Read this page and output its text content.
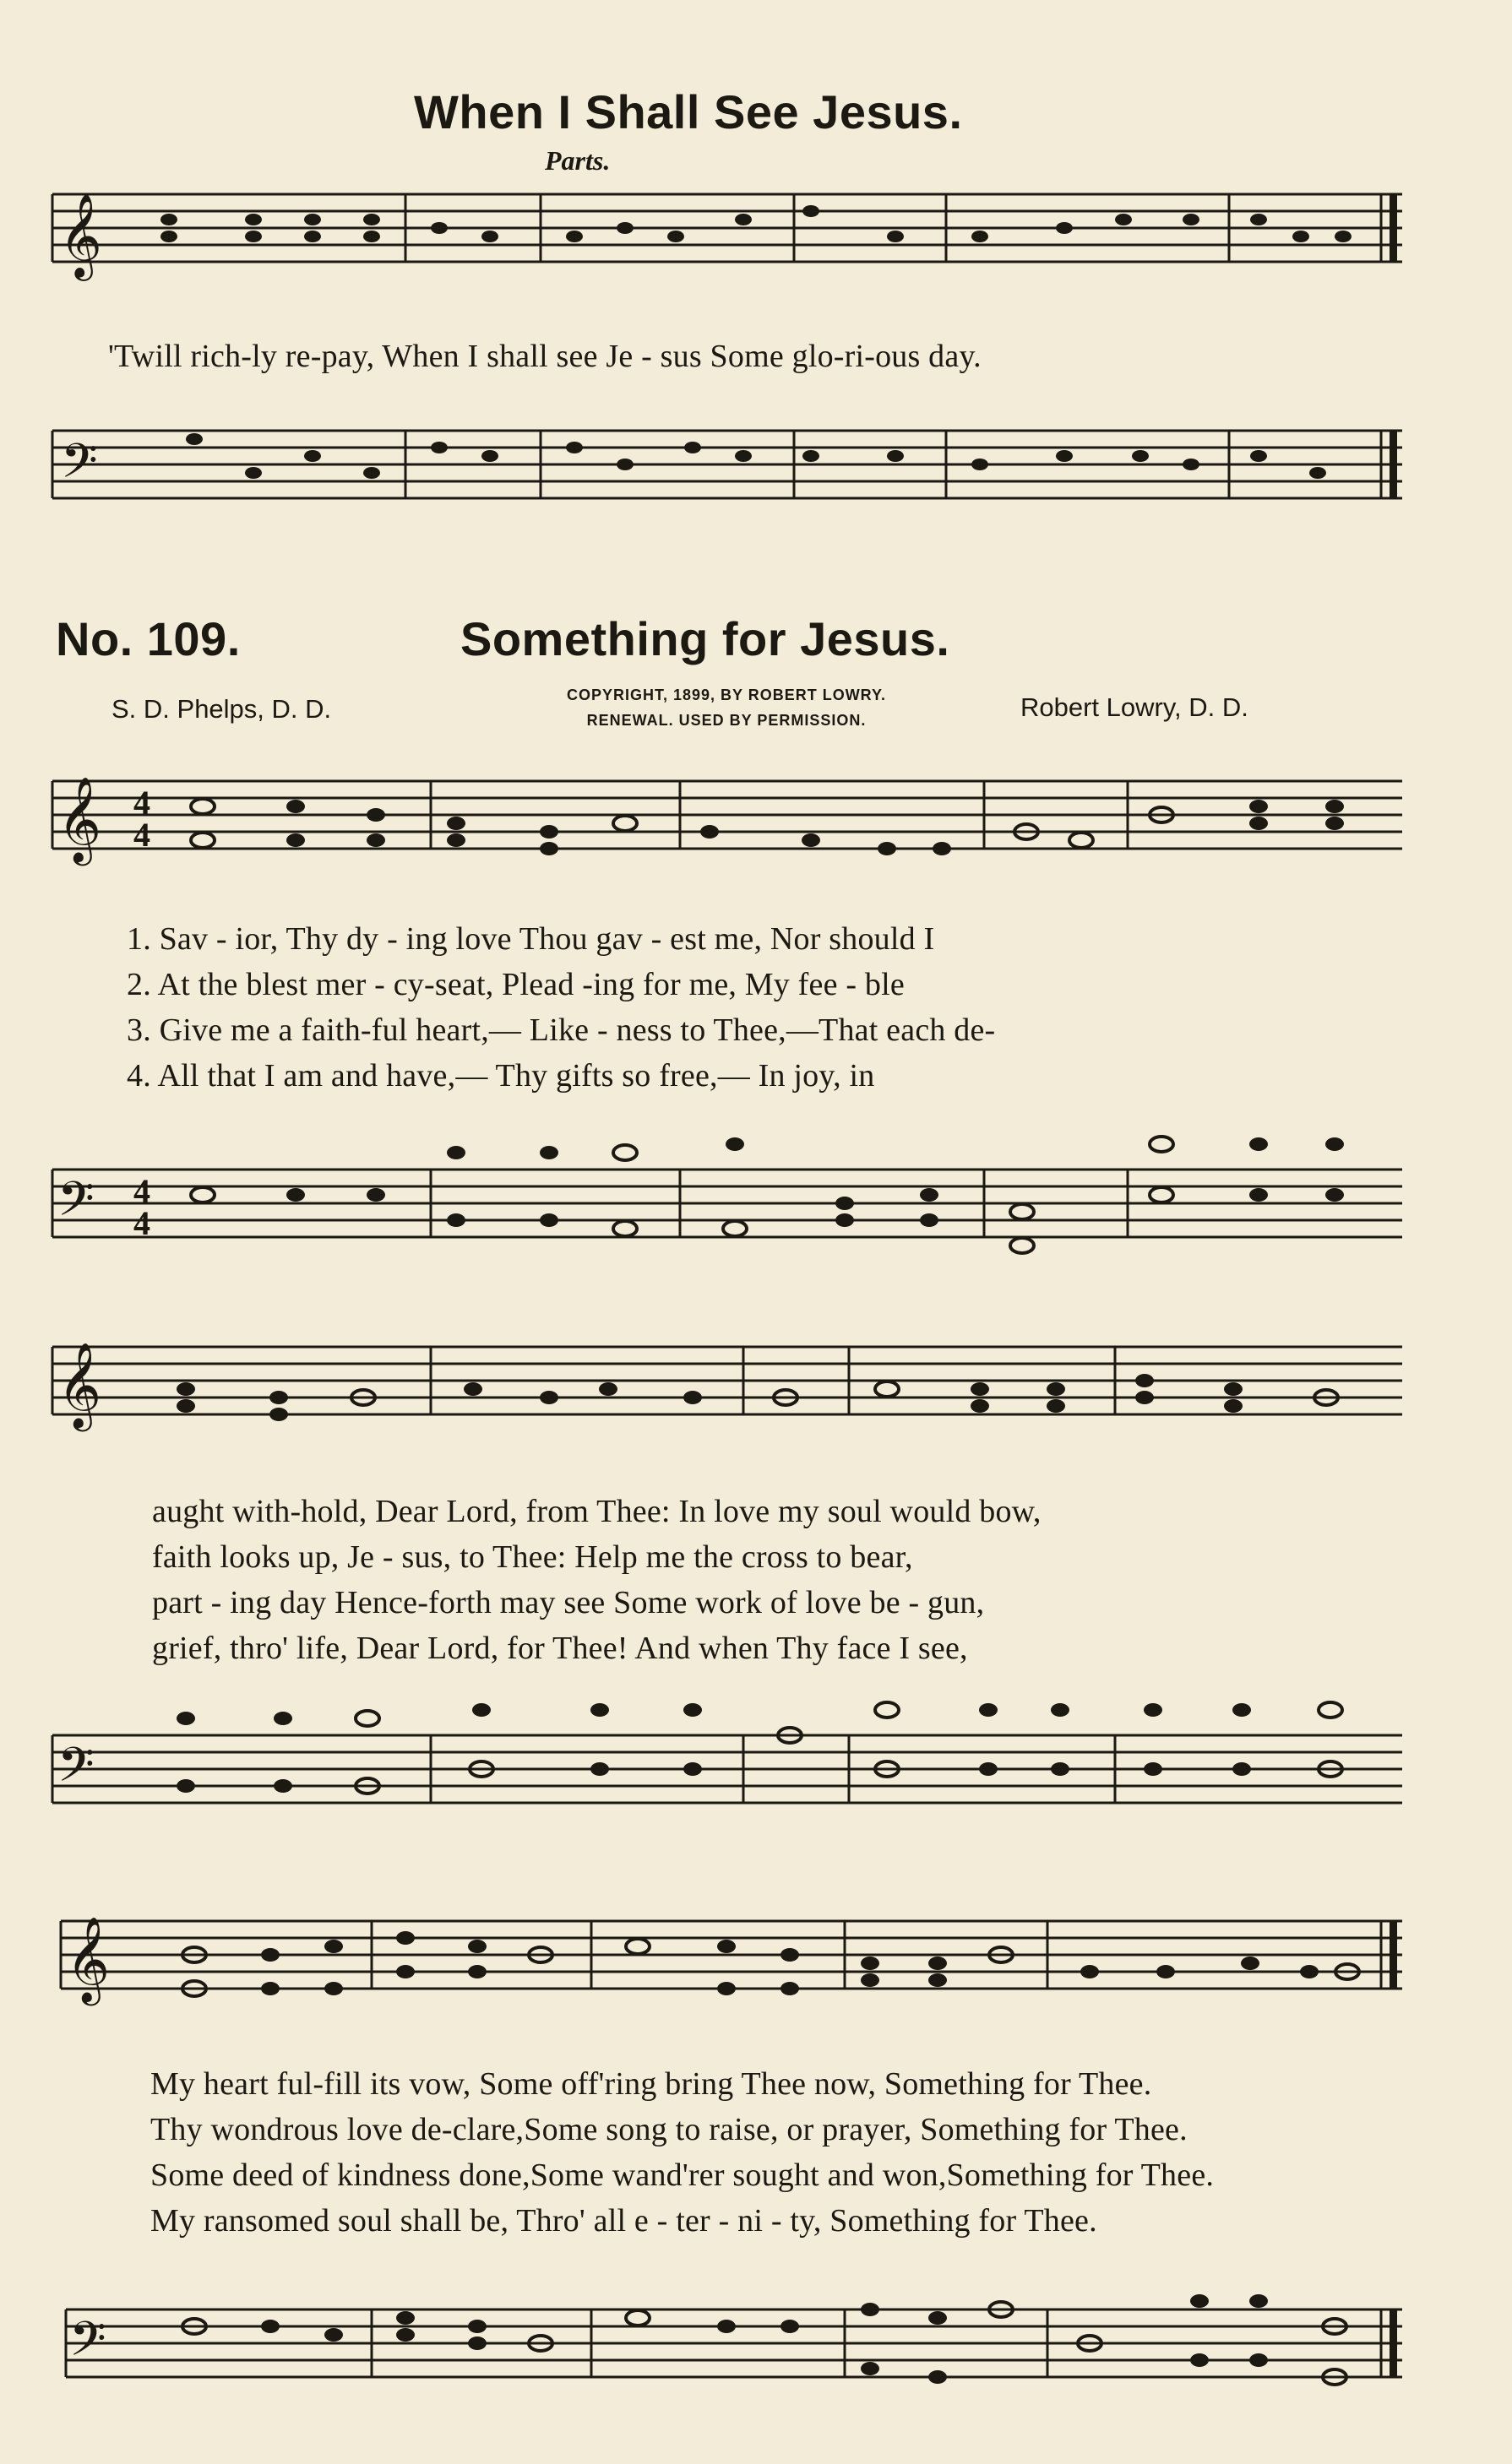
When I Shall See Jesus.
Parts.
𝄞
'Twill rich-ly re-pay, When I shall see Je - sus Some glo-ri-ous day.
𝄢
No. 109.	Something for Jesus.
S. D. Phelps, D. D.	COPYRIGHT, 1899, BY ROBERT LOWRY.
RENEWAL. USED BY PERMISSION.	Robert Lowry, D. D.
𝄞 4
4
1. Sav - ior, Thy dy - ing love Thou gav - est me, Nor should I
2. At the blest mer - cy-seat, Plead -ing for me, My fee - ble
3. Give me a faith-ful heart,— Like - ness to Thee,—That each de-
4. All that I am and have,— Thy gifts so free,— In joy, in
𝄢 4
4
𝄞
aught with-hold, Dear Lord, from Thee: In love my soul would bow,
faith looks up, Je - sus, to Thee: Help me the cross to bear,
part - ing day Hence-forth may see Some work of love be - gun,
grief, thro' life, Dear Lord, for Thee! And when Thy face I see,
𝄢
𝄞
My heart ful-fill its vow, Some off'ring bring Thee now, Something for Thee.
Thy wondrous love de-clare,Some song to raise, or prayer, Something for Thee.
Some deed of kindness done,Some wand'rer sought and won,Something for Thee.
My ransomed soul shall be, Thro' all e - ter - ni - ty, Something for Thee.
𝄢
